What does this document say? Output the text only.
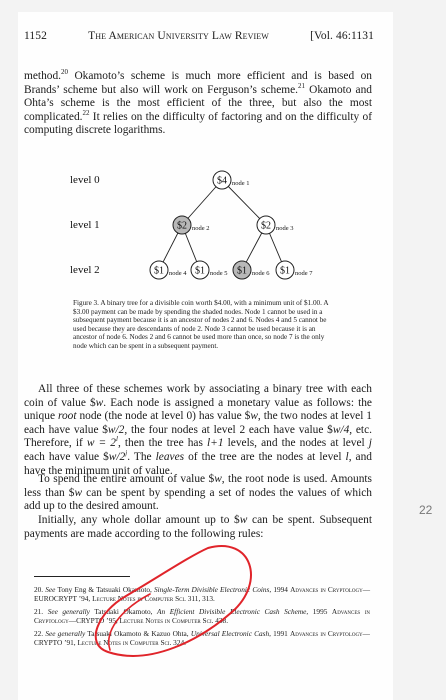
1152	The American University Law Review	[Vol. 46:1131
method.$^{20}$ Okamoto’s scheme is much more efficient and is based on Brands’ scheme but also will work on Ferguson’s scheme.$^{21}$ Okamoto and Ohta’s scheme is the most efficient of the three, but also the most complicated.$^{22}$ It relies on the difficulty of factoring and on the difficulty of computing discrete logarithms.
level 0
level 1
level 2
$4 node 1
$2 node 2	$2 node 3
$1 node 4 $1 node 5 $1 node 6 $1 node 7
Figure 3. A binary tree for a divisible coin worth $4.00, with a minimum unit of $1.00. A $3.00 payment can be made by spending the shaded nodes. Node 1 cannot be used in a subsequent payment because it is an ancestor of nodes 2 and 6. Nodes 4 and 5 cannot be used because they are descendants of node 2. Node 3 cannot be used because it is an ancestor of node 6. Nodes 2 and 6 cannot be used more than once, so node 7 is the only node which can be spent in a subsequent payment.
All three of these schemes work by associating a binary tree with each coin of value $w. Each node is assigned a monetary value as follows: the unique root node (the node at level 0) has value $w, the two nodes at level 1 each have value $w/2, the four nodes at level 2 each have value $w/4, etc. Therefore, if $w = 2^l$, then the tree has l+1 levels, and the nodes at level j each have value $w/2$^j$. The leaves of the tree are the nodes at level l, and have the minimum unit of value.
To spend the entire amount of value $w, the root node is used. Amounts less than $w can be spent by spending a set of nodes the values of which add up to the desired amount.
Initially, any whole dollar amount up to $w can be spent. Subsequent payments are made according to the following rules:
20. See Tony Eng & Tatsuaki Okamoto, Single-Term Divisible Electronic Coins, 1994 Advances in Cryptology—EUROCRYPT ’94, Lecture Notes in Computer Sci. 311, 313.
21. See generally Tatsuaki Okamoto, An Efficient Divisible Electronic Cash Scheme, 1995 Advances in Cryptology—CRYPTO ’95, Lecture Notes in Computer Sci. 438.
22. See generally Tatsuaki Okamoto & Kazuo Ohta, Universal Electronic Cash, 1991 Advances in Cryptology—CRYPTO ’91, Lecture Notes in Computer Sci. 324.
22
